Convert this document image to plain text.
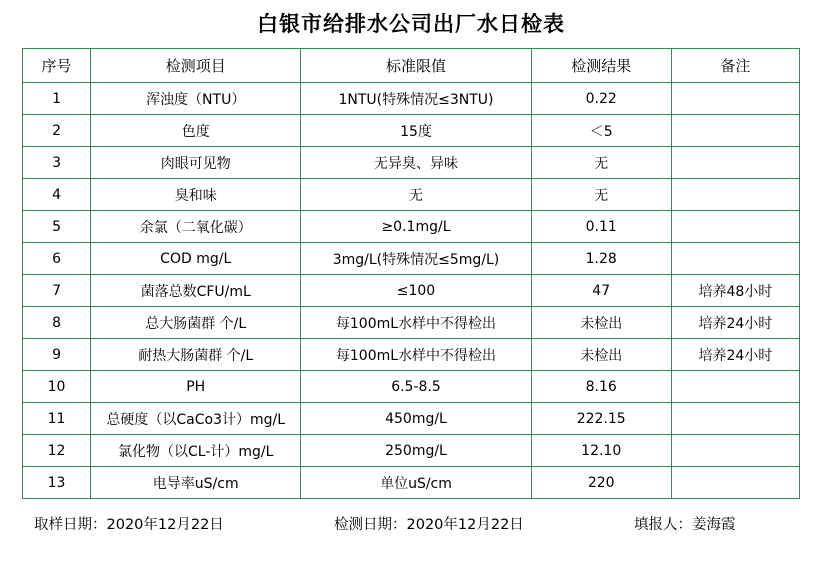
白银市给排水公司出厂水日检表
序号	检测项目	标准限值	检测结果	备注
1	浑浊度（NTU）	1NTU(特殊情况≤3NTU)	0.22	
2	色度	15度	＜5	
3	肉眼可见物	无异臭、异味	无	
4	臭和味	无	无	
5	余氯（二氧化碳）	≥0.1mg/L	0.11	
6	COD mg/L	3mg/L(特殊情况≤5mg/L)	1.28	
7	菌落总数CFU/mL	≤100	47	培养48小时
8	总大肠菌群 个/L	每100mL水样中不得检出	未检出	培养24小时
9	耐热大肠菌群 个/L	每100mL水样中不得检出	未检出	培养24小时
10	PH	6.5-8.5	8.16	
11	总硬度（以CaCo3计）mg/L	450mg/L	222.15	
12	氯化物（以CL-计）mg/L	250mg/L	12.10	
13	电导率uS/cm	单位uS/cm	220	
取样日期：2020年12月22日	检测日期：2020年12月22日	填报人：姜海霞
